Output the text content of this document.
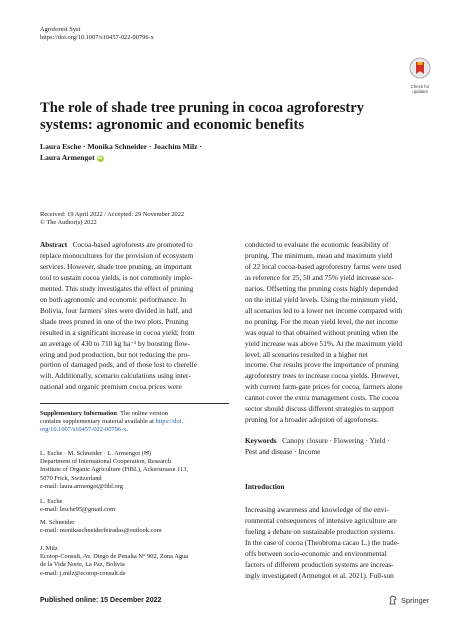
Agroforest Syst
https://doi.org/10.1007/s10457-022-00796-x
Check for
updates
The role of shade tree pruning in cocoa agroforestry
systems: agronomic and economic benefits
Laura Esche · Monika Schneider · Joachim Milz ·
Laura Armengot iD
Received: 19 April 2022 / Accepted: 29 November 2022
© The Author(s) 2022
Abstract Cocoa-based agroforests are promoted to
replace monocultures for the provision of ecosystem
services. However, shade tree pruning, an important
tool to sustain cocoa yields, is not commonly imple-
mented. This study investigates the effect of pruning
on both agronomic and economic performance. In
Bolivia, four farmers' sites were divided in half, and
shade trees pruned in one of the two plots. Pruning
resulted in a significant increase in cocoa yield, from
an average of 430 to 710 kg ha⁻¹ by boosting flow-
ering and pod production, but not reducing the pro-
portion of damaged pods, and of those lost to cherelle
wilt. Additionally, scenario calculations using inter-
national and organic premium cocoa prices were
Supplementary Information The online version
contains supplementary material available at https://doi.
org/10.1007/s10457-022-00796-x.
L. Esche · M. Schneider · L. Armengot (✉)
Department of International Cooperation, Research
Institute of Organic Agriculture (FiBL), Ackerstrasse 113,
5070 Frick, Switzerland
e-mail: laura.armengot@fibl.org
L. Esche
e-mail: lesche95@gmail.com
M. Schneider
e-mail: monikaschneiderfeiradas@outlook.com
J. Milz
Ecotop-Consult, Av. Diego de Penalta N° 902, Zona Agua
de la Vida Norte, La Paz, Bolivia
e-mail: j.milz@ecotop-consult.de
conducted to evaluate the economic feasibility of
pruning. The minimum, mean and maximum yield
of 22 local cocoa-based agroforestry farms were used
as reference for 25, 50 and 75% yield increase sce-
narios. Offsetting the pruning costs highly depended
on the initial yield levels. Using the minimum yield,
all scenarios led to a lower net income compared with
no pruning. For the mean yield level, the net income
was equal to that obtained without pruning when the
yield increase was above 51%. At the maximum yield
level, all scenarios resulted in a higher net
income. Our results prove the importance of pruning
agroforestry trees to increase cocoa yields. However,
with current farm-gate prices for cocoa, farmers alone
cannot cover the extra management costs. The cocoa
sector should discuss different strategies to support
pruning for a broader adoption of agroforests.
Keywords Canopy closure · Flowering · Yield ·
Pest and disease · Income
Introduction
Increasing awareness and knowledge of the envi-
ronmental consequences of intensive agriculture are
fueling a debate on sustainable production systems.
In the case of cocoa (Theobroma cacao L.) the trade-
offs between socio-economic and environmental
factors of different production systems are increas-
ingly investigated (Armengot et al. 2021). Full-sun
Published online: 15 December 2022	Springer
